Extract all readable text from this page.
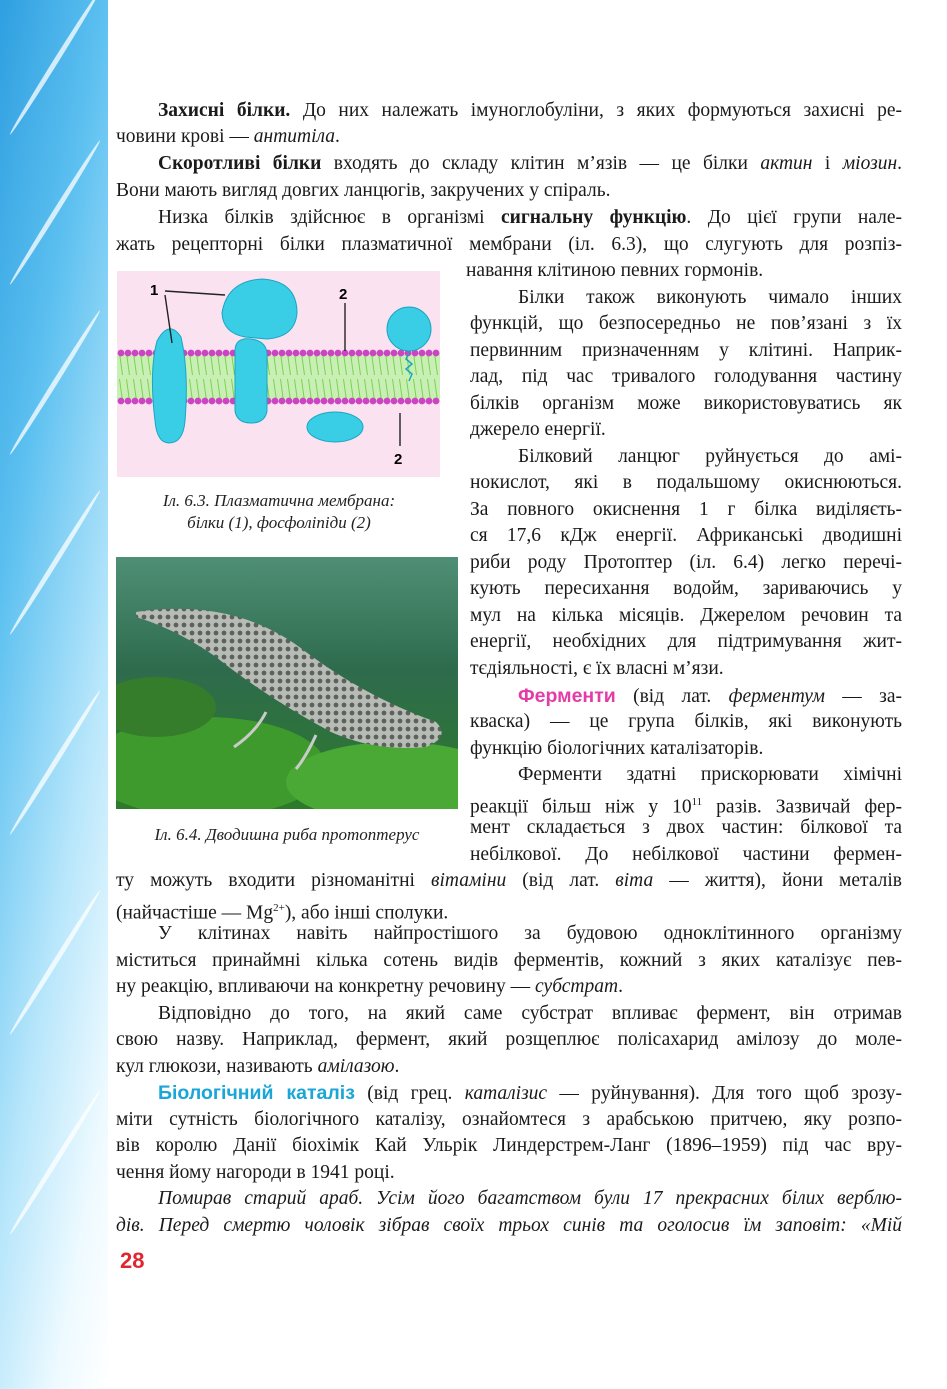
Захисні білки. До них належать імуноглобуліни, з яких формуються захисні ре-
човини крові — антитіла.
Скоротливі білки входять до складу клітин м’язів — це білки актин і міозин.
Вони мають вигляд довгих ланцюгів, закручених у спіраль.
Низка білків здійснює в організмі сигнальну функцію. До цієї групи нале-
жать рецепторні білки плазматичної мембрани (іл. 6.3), що слугують для розпіз-
1	2
2
Іл. 6.3. Плазматична мембрана:
білки (1), фосфоліпіди (2)
Іл. 6.4. Дводишна риба протоптерус
навання клітиною певних гормонів.
Білки також виконують чимало інших
функцій, що безпосередньо не пов’язані з їх
первинним призначенням у клітині. Наприк-
лад, під час тривалого голодування частину
білків організм може використовуватись як
джерело енергії.
Білковий ланцюг руйнується до амі-
нокислот, які в подальшому окиснюються.
За повного окиснення 1 г білка виділяєть-
ся 17,6 кДж енергії. Африканські дводишні
риби роду Протоптер (іл. 6.4) легко перечі-
кують пересихання водойм, зариваючись у
мул на кілька місяців. Джерелом речовин та
енергії, необхідних для підтримування жит-
тєдіяльності, є їх власні м’язи.
Ферменти (від лат. ферментум — за-
кваска) — це група білків, які виконують
функцію біологічних каталізаторів.
Ферменти здатні прискорювати хімічні
реакції більш ніж у $10^{11}$ разів. Зазвичай фер-
мент складається з двох частин: білкової та
небілкової. До небілкової частини фермен-
ту можуть входити різноманітні вітаміни (від лат. віта — життя), йони металів
(найчастіше — $Mg^{2+}$), або інші сполуки.
У клітинах навіть найпростішого за будовою одноклітинного організму
міститься принаймні кілька сотень видів ферментів, кожний з яких каталізує пев-
ну реакцію, впливаючи на конкретну речовину — субстрат.
Відповідно до того, на який саме субстрат впливає фермент, він отримав
свою назву. Наприклад, фермент, який розщеплює полісахарид амілозу до моле-
кул глюкози, називають амілазою.
Біологічний каталіз (від грец. каталізис — руйнування). Для того щоб зрозу-
міти сутність біологічного каталізу, ознайомтеся з арабською притчею, яку розпо-
вів королю Данії біохімік Кай Ульрік Линдерстрем-Ланг (1896–1959) під час вру-
чення йому нагороди в 1941 році.
Помирав старий араб. Усім його багатством були 17 прекрасних білих верблю-
дів. Перед смертю чоловік зібрав своїх трьох синів та оголосив їм заповіт: «Мій
28
